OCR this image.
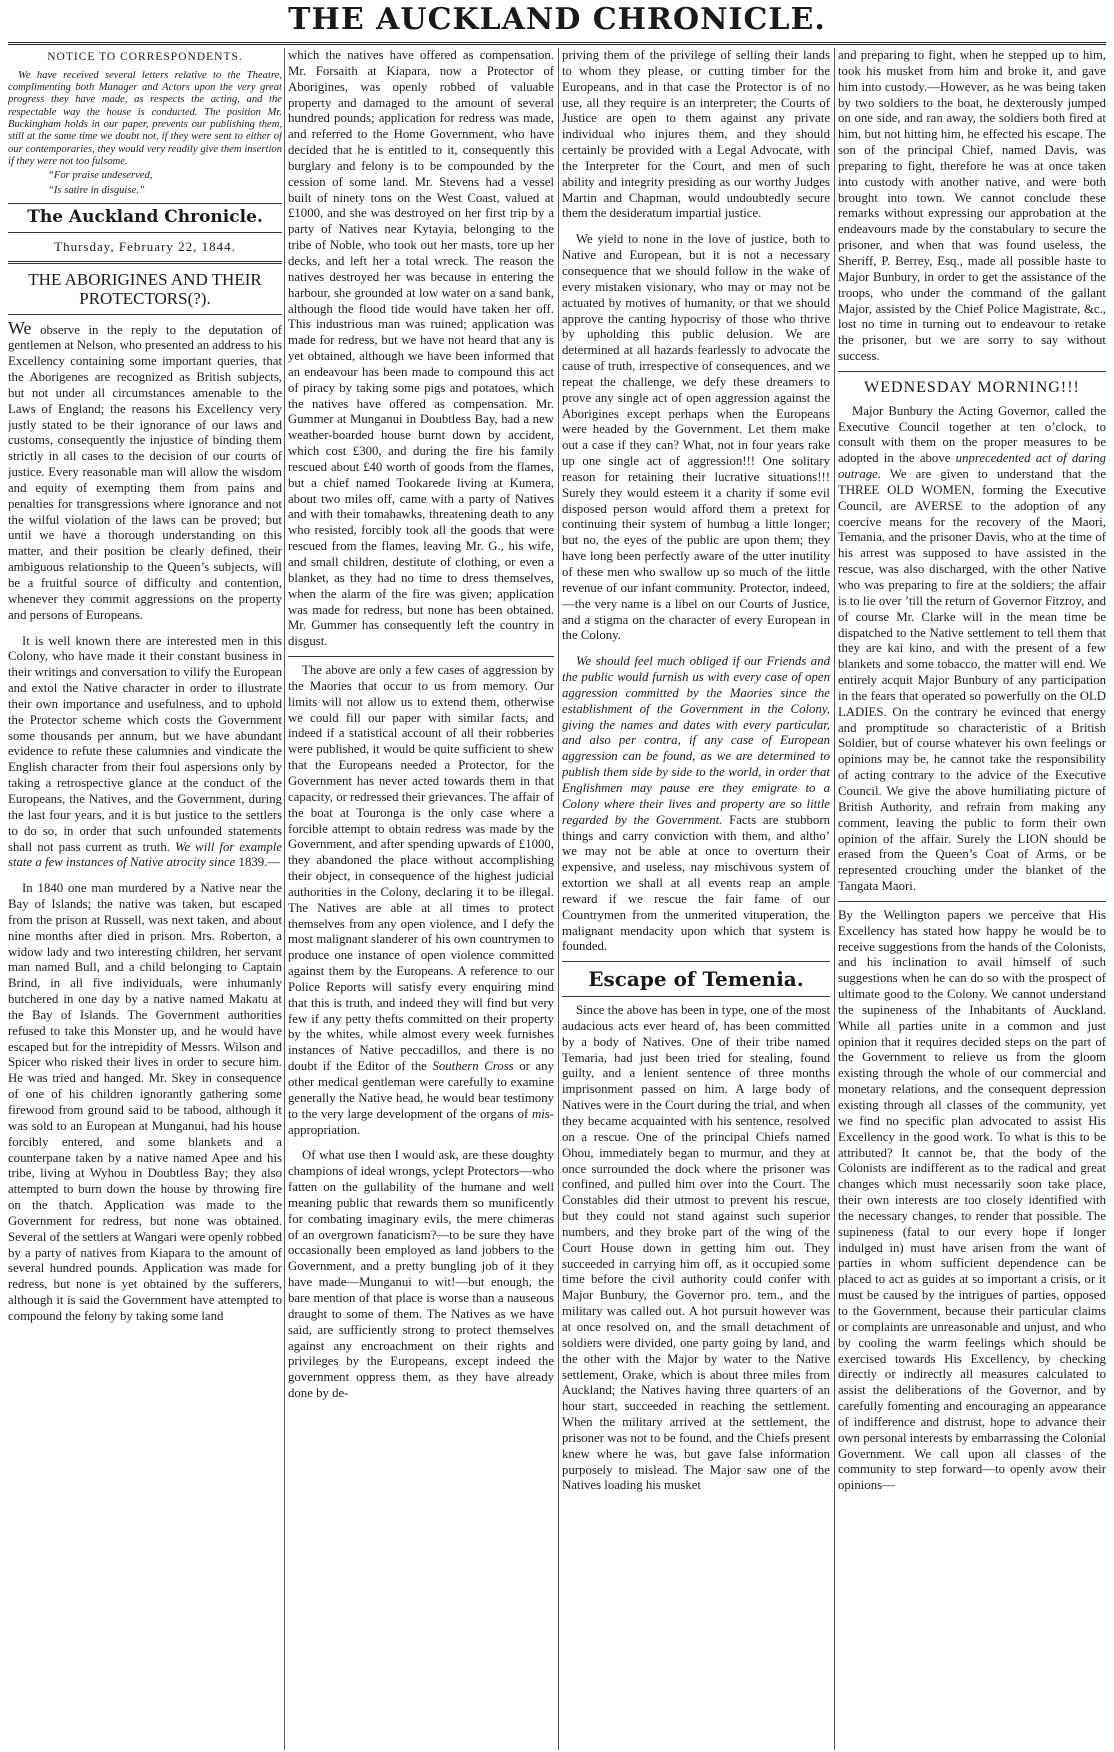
THE AUCKLAND CHRONICLE.
NOTICE TO CORRESPONDENTS.

We have received several letters relative to the Theatre, complimenting both Manager and Actors upon the very great progress they have made, as respects the acting, and the respectable way the house is conducted. The position Mr. Buckingham holds in our paper, prevents our publishing them, still at the same time we doubt not, if they were sent to either of our contemporaries, they would very readily give them insertion if they were not too fulsome.

“For praise undeserved,
“Is satire in disguise.”
The Auckland Chronicle.
Thursday, February 22, 1844.
THE ABORIGINES AND THEIR PROTECTORS(?).

We observe in the reply to the deputation of gentlemen at Nelson, who presented an address to his Excellency containing some important queries, that the Aborigenes are recognized as British subjects, but not under all circumstances amenable to the Laws of England; the reasons his Excellency very justly stated to be their ignorance of our laws and customs, consequently the injustice of binding them strictly in all cases to the decision of our courts of justice. Every reasonable man will allow the wisdom and equity of exempting them from pains and penalties for transgressions where ignorance and not the wilful violation of the laws can be proved; but until we have a thorough understanding on this matter, and their position be clearly defined, their ambiguous relationship to the Queen’s subjects, will be a fruitful source of difficulty and contention, whenever they commit aggressions on the property and persons of Europeans.

It is well known there are interested men in this Colony, who have made it their constant business in their writings and conversation to vilify the European and extol the Native character in order to illustrate their own importance and usefulness, and to uphold the Protector scheme which costs the Government some thousands per annum, but we have abundant evidence to refute these calumnies and vindicate the English character from their foul aspersions only by taking a retrospective glance at the conduct of the Europeans, the Natives, and the Government, during the last four years, and it is but justice to the settlers to do so, in order that such unfounded statements shall not pass current as truth. We will for example state a few instances of Native atrocity since 1839.—

In 1840 one man murdered by a Native near the Bay of Islands; the native was taken, but escaped from the prison at Russell, was next taken, and about nine months after died in prison. Mrs. Roberton, a widow lady and two interesting children, her servant man named Bull, and a child belonging to Captain Brind, in all five individuals, were inhumanly butchered in one day by a native named Makatu at the Bay of Islands. The Government authorities refused to take this Monster up, and he would have escaped but for the intrepidity of Messrs. Wilson and Spicer who risked their lives in order to secure him. He was tried and hanged. Mr. Skey in consequence of one of his children ignorantly gathering some firewood from ground said to be tabood, although it was sold to an European at Munganui, had his house forcibly entered, and some blankets and a counterpane taken by a native named Apee and his tribe, living at Wyhou in Doubtless Bay; they also attempted to burn down the house by throwing fire on the thatch. Application was made to the Government for redress, but none was obtained. Several of the settlers at Wangari were openly robbed by a party of natives from Kiapara to the amount of several hundred pounds. Application was made for redress, but none is yet obtained by the sufferers, although it is said the Government have attempted to compound the felony by taking some land

which the natives have offered as compensation. Mr. Forsaith at Kiapara, now a Protector of Aborigines, was openly robbed of valuable property and damaged to the amount of several hundred pounds; application for redress was made, and referred to the Home Government, who have decided that he is entitled to it, consequently this burglary and felony is to be compounded by the cession of some land. Mr. Stevens had a vessel built of ninety tons on the West Coast, valued at £1000, and she was destroyed on her first trip by a party of Natives near Kytayia, belonging to the tribe of Noble, who took out her masts, tore up her decks, and left her a total wreck. The reason the natives destroyed her was because in entering the harbour, she grounded at low water on a sand bank, although the flood tide would have taken her off. This industrious man was ruined; application was made for redress, but we have not heard that any is yet obtained, although we have been informed that an endeavour has been made to compound this act of piracy by taking some pigs and potatoes, which the natives have offered as compensation. Mr. Gummer at Munganui in Doubtless Bay, had a new weather-boarded house burnt down by accident, which cost £300, and during the fire his family rescued about £40 worth of goods from the flames, but a chief named Tookarede living at Kumera, about two miles off, came with a party of Natives and with their tomahawks, threatening death to any who resisted, forcibly took all the goods that were rescued from the flames, leaving Mr. G., his wife, and small children, destitute of clothing, or even a blanket, as they had no time to dress themselves, when the alarm of the fire was given; application was made for redress, but none has been obtained. Mr. Gummer has consequently left the country in disgust.

The above are only a few cases of aggression by the Maories that occur to us from memory. Our limits will not allow us to extend them, otherwise we could fill our paper with similar facts, and indeed if a statistical account of all their robberies were published, it would be quite sufficient to shew that the Europeans needed a Protector, for the Government has never acted towards them in that capacity, or redressed their grievances. The affair of the boat at Touronga is the only case where a forcible attempt to obtain redress was made by the Government, and after spending upwards of £1000, they abandoned the place without accomplishing their object, in consequence of the highest judicial authorities in the Colony, declaring it to be illegal. The Natives are able at all times to protect themselves from any open violence, and I defy the most malignant slanderer of his own countrymen to produce one instance of open violence committed against them by the Europeans. A reference to our Police Reports will satisfy every enquiring mind that this is truth, and indeed they will find but very few if any petty thefts committed on their property by the whites, while almost every week furnishes instances of Native peccadillos, and there is no doubt if the Editor of the Southern Cross or any other medical gentleman were carefully to examine generally the Native head, he would bear testimony to the very large development of the organs of mis-appropriation.

Of what use then I would ask, are these doughty champions of ideal wrongs, yclept Protectors—who fatten on the gullability of the humane and well meaning public that rewards them so munificently for combating imaginary evils, the mere chimeras of an overgrown fanaticism?—to be sure they have occasionally been employed as land jobbers to the Government, and a pretty bungling job of it they have made—Munganui to wit!—but enough, the bare mention of that place is worse than a nauseous draught to some of them. The Natives as we have said, are sufficiently strong to protect themselves against any encroachment on their rights and privileges by the Europeans, except indeed the government oppress them, as they have already done by de-

priving them of the privilege of selling their lands to whom they please, or cutting timber for the Europeans, and in that case the Protector is of no use, all they require is an interpreter; the Courts of Justice are open to them against any private individual who injures them, and they should certainly be provided with a Legal Advocate, with the Interpreter for the Court, and men of such ability and integrity presiding as our worthy Judges Martin and Chapman, would undoubtedly secure them the desideratum impartial justice.

We yield to none in the love of justice, both to Native and European, but it is not a necessary consequence that we should follow in the wake of every mistaken visionary, who may or may not be actuated by motives of humanity, or that we should approve the canting hypocrisy of those who thrive by upholding this public delusion. We are determined at all hazards fearlessly to advocate the cause of truth, irrespective of consequences, and we repeat the challenge, we defy these dreamers to prove any single act of open aggression against the Aborigines except perhaps when the Europeans were headed by the Government. Let them make out a case if they can? What, not in four years rake up one single act of aggression!!! One solitary reason for retaining their lucrative situations!!! Surely they would esteem it a charity if some evil disposed person would afford them a pretext for continuing their system of humbug a little longer; but no, the eyes of the public are upon them; they have long been perfectly aware of the utter inutility of these men who swallow up so much of the little revenue of our infant community. Protector, indeed,—the very name is a libel on our Courts of Justice, and a stigma on the character of every European in the Colony.

We should feel much obliged if our Friends and the public would furnish us with every case of open aggression committed by the Maories since the establishment of the Government in the Colony, giving the names and dates with every particular, and also per contra, if any case of European aggression can be found, as we are determined to publish them side by side to the world, in order that Englishmen may pause ere they emigrate to a Colony where their lives and property are so little regarded by the Government. Facts are stubborn things and carry conviction with them, and altho’ we may not be able at once to overturn their expensive, and useless, nay mischivous system of extortion we shall at all events reap an ample reward if we rescue the fair fame of our Countrymen from the unmerited vituperation, the malignant mendacity upon which that system is founded.

Escape of Temenia.

Since the above has been in type, one of the most audacious acts ever heard of, has been committed by a body of Natives. One of their tribe named Temaria, had just been tried for stealing, found guilty, and a lenient sentence of three months imprisonment passed on him. A large body of Natives were in the Court during the trial, and when they became acquainted with his sentence, resolved on a rescue. One of the principal Chiefs named Ohou, immediately began to murmur, and they at once surrounded the dock where the prisoner was confined, and pulled him over into the Court. The Constables did their utmost to prevent his rescue, but they could not stand against such superior numbers, and they broke part of the wing of the Court House down in getting him out. They succeeded in carrying him off, as it occupied some time before the civil authority could confer with Major Bunbury, the Governor pro. tem., and the military was called out. A hot pursuit however was at once resolved on, and the small detachment of soldiers were divided, one party going by land, and the other with the Major by water to the Native settlement, Orake, which is about three miles from Auckland; the Natives having three quarters of an hour start, succeeded in reaching the settlement. When the military arrived at the settlement, the prisoner was not to be found, and the Chiefs present knew where he was, but gave false information purposely to mislead. The Major saw one of the Natives loading his musket

and preparing to fight, when he stepped up to him, took his musket from him and broke it, and gave him into custody.—However, as he was being taken by two soldiers to the boat, he dexterously jumped on one side, and ran away, the soldiers both fired at him, but not hitting him, he effected his escape. The son of the principal Chief, named Davis, was preparing to fight, therefore he was at once taken into custody with another native, and were both brought into town. We cannot conclude these remarks without expressing our approbation at the endeavours made by the constabulary to secure the prisoner, and when that was found useless, the Sheriff, P. Berrey, Esq., made all possible haste to Major Bunbury, in order to get the assistance of the troops, who under the command of the gallant Major, assisted by the Chief Police Magistrate, &c., lost no time in turning out to endeavour to retake the prisoner, but we are sorry to say without success.

WEDNESDAY MORNING!!!

Major Bunbury the Acting Governor, called the Executive Council together at ten o’clock, to consult with them on the proper measures to be adopted in the above unprecedented act of daring outrage. We are given to understand that the THREE OLD WOMEN, forming the Executive Council, are AVERSE to the adoption of any coercive means for the recovery of the Maori, Temania, and the prisoner Davis, who at the time of his arrest was supposed to have assisted in the rescue, was also discharged, with the other Native who was preparing to fire at the soldiers; the affair is to lie over ’till the return of Governor Fitzroy, and of course Mr. Clarke will in the mean time be dispatched to the Native settlement to tell them that they are kai kino, and with the present of a few blankets and some tobacco, the matter will end. We entirely acquit Major Bunbury of any participation in the fears that operated so powerfully on the OLD LADIES. On the contrary he evinced that energy and promptitude so characteristic of a British Soldier, but of course whatever his own feelings or opinions may be, he cannot take the responsibility of acting contrary to the advice of the Executive Council. We give the above humiliating picture of British Authority, and refrain from making any comment, leaving the public to form their own opinion of the affair. Surely the LION should be erased from the Queen’s Coat of Arms, or be represented crouching under the blanket of the Tangata Maori.

By the Wellington papers we perceive that His Excellency has stated how happy he would be to receive suggestions from the hands of the Colonists, and his inclination to avail himself of such suggestions when he can do so with the prospect of ultimate good to the Colony. We cannot understand the supineness of the Inhabitants of Auckland. While all parties unite in a common and just opinion that it requires decided steps on the part of the Government to relieve us from the gloom existing through the whole of our commercial and monetary relations, and the consequent depression existing through all classes of the community, yet we find no specific plan advocated to assist His Excellency in the good work. To what is this to be attributed? It cannot be, that the body of the Colonists are indifferent as to the radical and great changes which must necessarily soon take place, their own interests are too closely identified with the necessary changes, to render that possible. The supineness (fatal to our every hope if longer indulged in) must have arisen from the want of parties in whom sufficient dependence can be placed to act as guides at so important a crisis, or it must be caused by the intrigues of parties, opposed to the Government, because their particular claims or complaints are unreasonable and unjust, and who by cooling the warm feelings which should be exercised towards His Excellency, by checking directly or indirectly all measures calculated to assist the deliberations of the Governor, and by carefully fomenting and encouraging an appearance of indifference and distrust, hope to advance their own personal interests by embarrassing the Colonial Government. We call upon all classes of the community to step forward—to openly avow their opinions—
